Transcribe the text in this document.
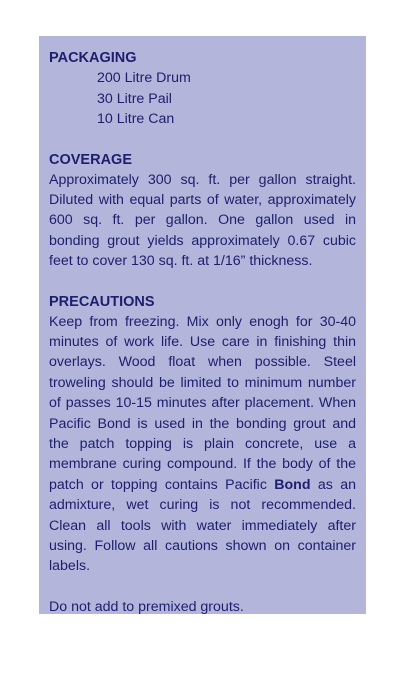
PACKAGING

200 Litre Drum
30 Litre Pail
10 Litre Can

COVERAGE

Approximately 300 sq. ft. per gallon straight. Diluted with equal parts of water, approximately 600 sq. ft. per gallon. One gallon used in bonding grout yields approximately 0.67 cubic feet to cover 130 sq. ft. at 1/16” thickness.

PRECAUTIONS

Keep from freezing. Mix only enogh for 30-40 minutes of work life. Use care in finishing thin overlays. Wood float when possible. Steel troweling should be limited to minimum number of passes 10-15 minutes after placement. When Pacific Bond is used in the bonding grout and the patch topping is plain concrete, use a membrane curing compound. If the body of the patch or topping contains Pacific Bond as an admixture, wet curing is not recommended. Clean all tools with water immediately after using. Follow all cautions shown on container labels.

Do not add to premixed grouts.
